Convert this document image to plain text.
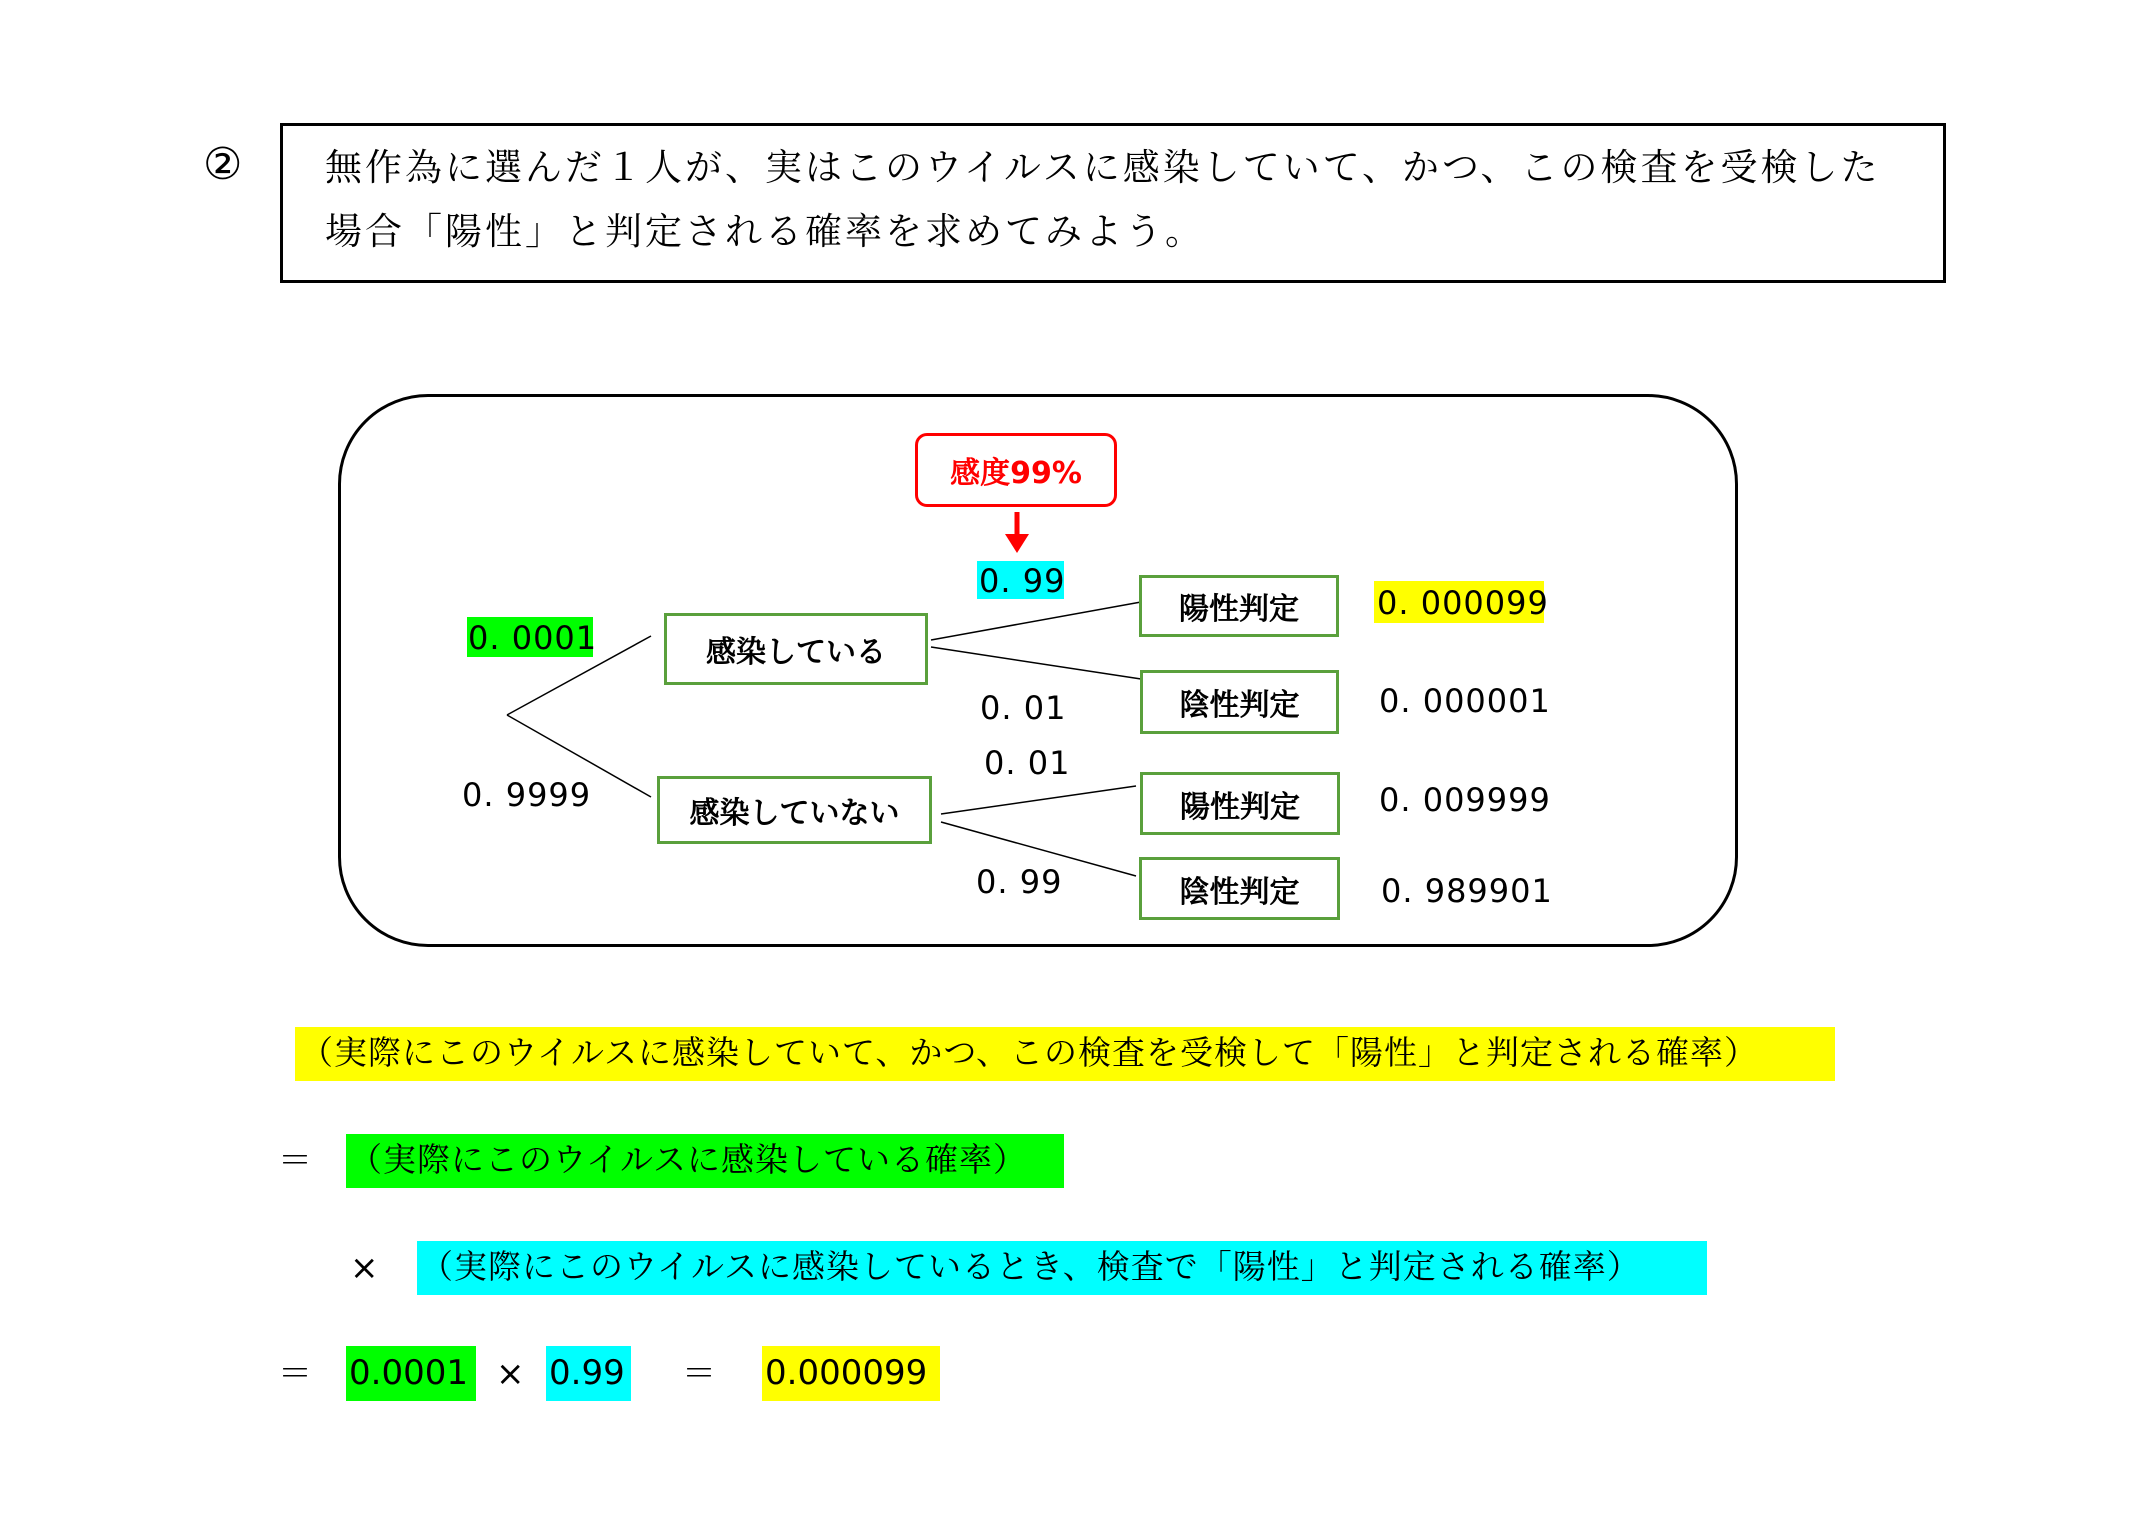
② 無作為に選んだ１人が、実はこのウイルスに感染していて、かつ、この検査を受検した
場合「陽性」と判定される確率を求めてみよう。
感度99%
0. 0001
0. 9999
感染している
感染していない
0. 99
0. 01
0. 01
0. 99
陽性判定
陰性判定
陽性判定
陰性判定
0. 000099
0. 000001
0. 009999
0. 989901
（実際にこのウイルスに感染していて、かつ、この検査を受検して「陽性」と判定される確率）
＝ （実際にこのウイルスに感染している確率）
× （実際にこのウイルスに感染しているとき、検査で「陽性」と判定される確率）
＝ 0.0001 × 0.99 ＝ 0.000099
